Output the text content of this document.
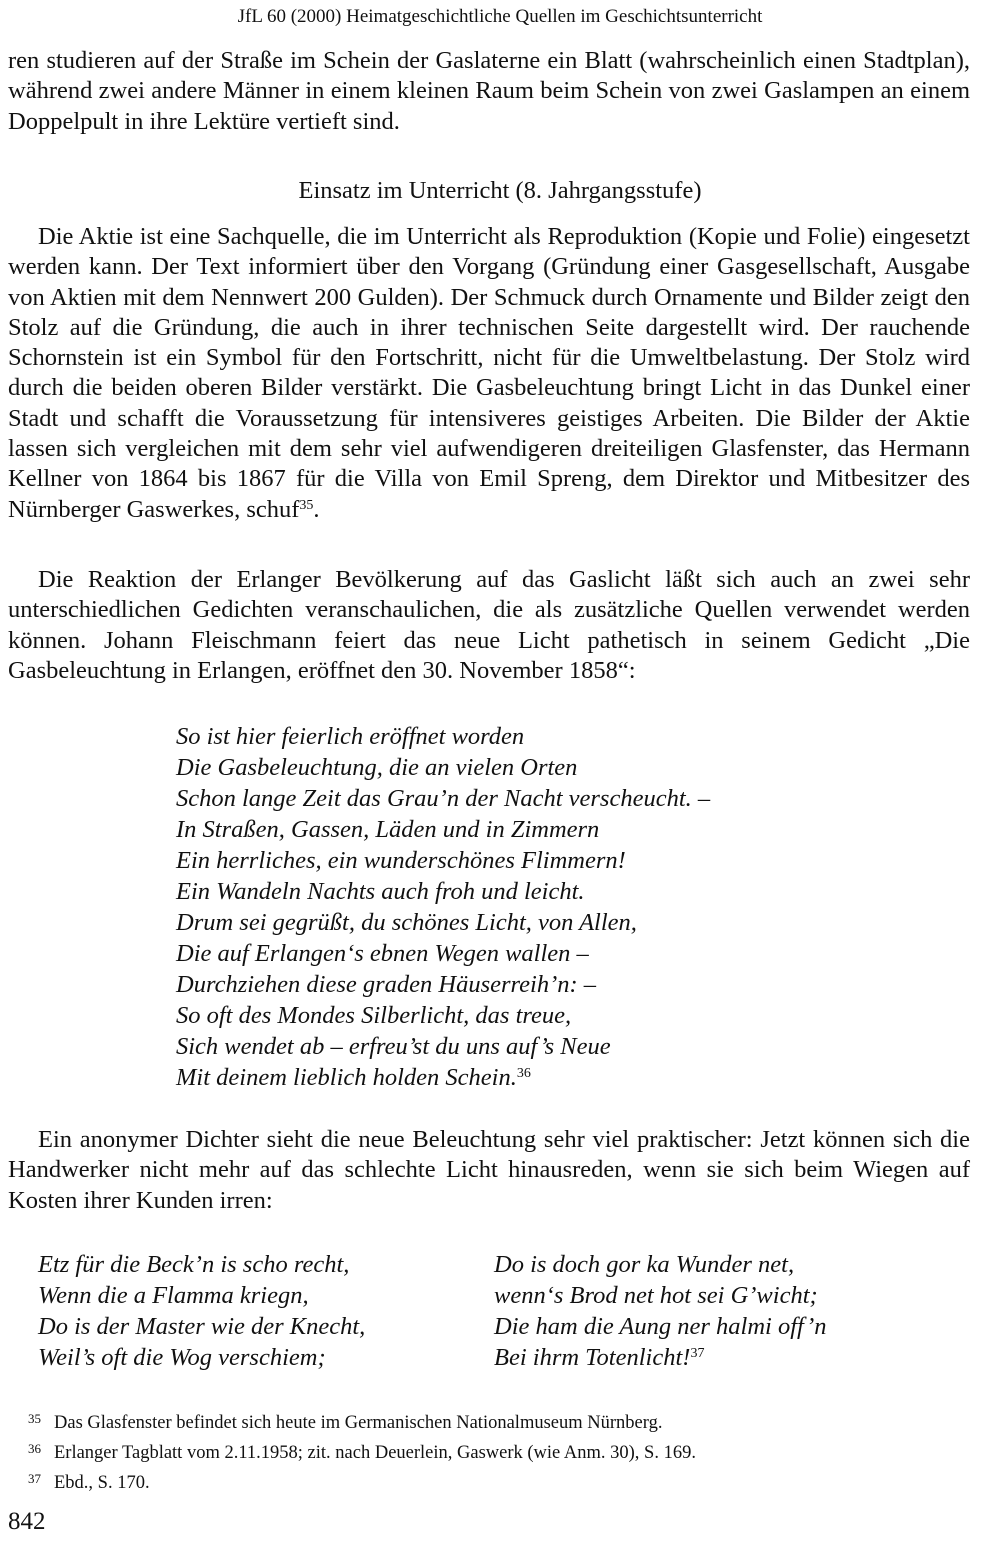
JfL 60 (2000) Heimatgeschichtliche Quellen im Geschichtsunterricht

ren studieren auf der Straße im Schein der Gaslaterne ein Blatt (wahrscheinlich einen Stadtplan), während zwei andere Männer in einem kleinen Raum beim Schein von zwei Gaslampen an einem Doppelpult in ihre Lektüre vertieft sind.

Einsatz im Unterricht (8. Jahrgangsstufe)

Die Aktie ist eine Sachquelle, die im Unterricht als Reproduktion (Kopie und Folie) eingesetzt werden kann. Der Text informiert über den Vorgang (Gründung einer Gasgesellschaft, Ausgabe von Aktien mit dem Nennwert 200 Gulden). Der Schmuck durch Ornamente und Bilder zeigt den Stolz auf die Gründung, die auch in ihrer technischen Seite dargestellt wird. Der rauchende Schornstein ist ein Symbol für den Fortschritt, nicht für die Umweltbelastung. Der Stolz wird durch die beiden oberen Bilder verstärkt. Die Gasbeleuchtung bringt Licht in das Dunkel einer Stadt und schafft die Voraussetzung für intensiveres geistiges Arbeiten. Die Bilder der Aktie lassen sich vergleichen mit dem sehr viel aufwendigeren dreiteiligen Glasfenster, das Hermann Kellner von 1864 bis 1867 für die Villa von Emil Spreng, dem Direktor und Mitbesitzer des Nürnberger Gaswerkes, schuf$^{35}$.

Die Reaktion der Erlanger Bevölkerung auf das Gaslicht läßt sich auch an zwei sehr unterschiedlichen Gedichten veranschaulichen, die als zusätzliche Quellen verwendet werden können. Johann Fleischmann feiert das neue Licht pathetisch in seinem Gedicht „Die Gasbeleuchtung in Erlangen, eröffnet den 30. November 1858“:

So ist hier feierlich eröffnet worden
Die Gasbeleuchtung, die an vielen Orten
Schon lange Zeit das Grau’n der Nacht verscheucht. –
In Straßen, Gassen, Läden und in Zimmern
Ein herrliches, ein wunderschönes Flimmern!
Ein Wandeln Nachts auch froh und leicht.
Drum sei gegrüßt, du schönes Licht, von Allen,
Die auf Erlangen‘s ebnen Wegen wallen –
Durchziehen diese graden Häuserreih’n: –
So oft des Mondes Silberlicht, das treue,
Sich wendet ab – erfreu’st du uns auf’s Neue
Mit deinem lieblich holden Schein.$^{36}$

Ein anonymer Dichter sieht die neue Beleuchtung sehr viel praktischer: Jetzt können sich die Handwerker nicht mehr auf das schlechte Licht hinausreden, wenn sie sich beim Wiegen auf Kosten ihrer Kunden irren:

Etz für die Beck’n is scho recht,
Wenn die a Flamma kriegn,
Do is der Master wie der Knecht,
Weil’s oft die Wog verschiem;
Do is doch gor ka Wunder net,
wenn‘s Brod net hot sei G’wicht;
Die ham die Aung ner halmi off’n
Bei ihrm Totenlicht!$^{37}$
35 Das Glasfenster befindet sich heute im Germanischen Nationalmuseum Nürnberg.
36 Erlanger Tagblatt vom 2.11.1958; zit. nach Deuerlein, Gaswerk (wie Anm. 30), S. 169.
37 Ebd., S. 170.
842
